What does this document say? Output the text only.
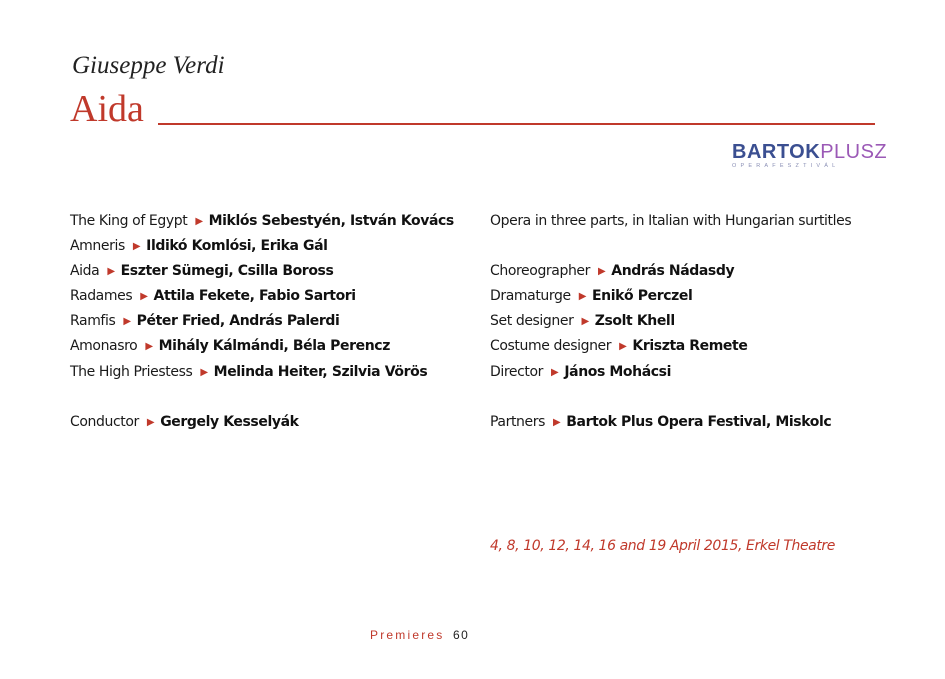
Giuseppe Verdi
Aida
BARTOKPLUSZ
OPERAFESZTIVÁL
The King of Egypt ▶ Miklós Sebestyén, István Kovács
Amneris ▶ Ildikó Komlósi, Erika Gál
Aida ▶ Eszter Sümegi, Csilla Boross
Radames ▶ Attila Fekete, Fabio Sartori
Ramfis ▶ Péter Fried, András Palerdi
Amonasro ▶ Mihály Kálmándi, Béla Perencz
The High Priestess ▶ Melinda Heiter, Szilvia Vörös
Conductor ▶ Gergely Kesselyák
Opera in three parts, in Italian with Hungarian surtitles
Choreographer ▶ András Nádasdy
Dramaturge ▶ Enikő Perczel
Set designer ▶ Zsolt Khell
Costume designer ▶ Kriszta Remete
Director ▶ János Mohácsi
Partners ▶ Bartok Plus Opera Festival, Miskolc
4, 8, 10, 12, 14, 16 and 19 April 2015, Erkel Theatre
Premieres 60
